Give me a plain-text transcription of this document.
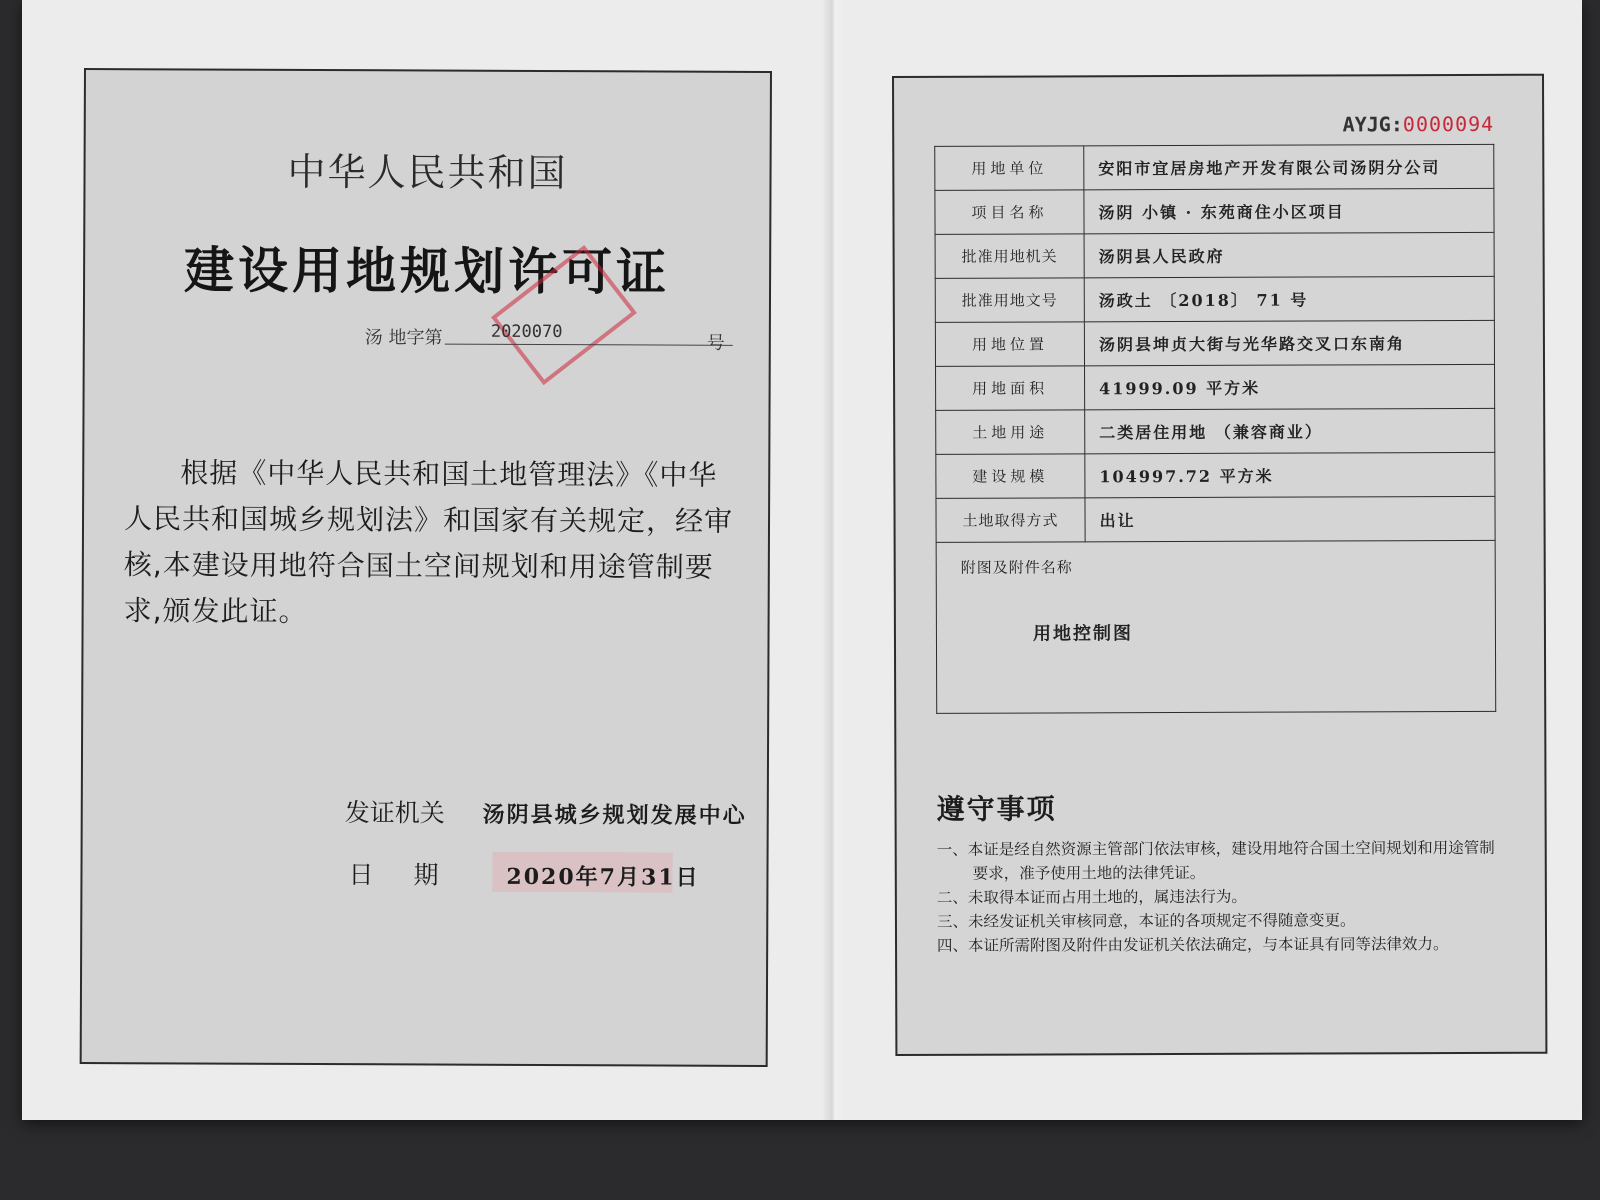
中华人民共和国
建设用地规划许可证
汤 地字第	2020070
号
根据《中华人民共和国土地管理法》《中华人民共和国城乡规划法》和国家有关规定，经审核,本建设用地符合国土空间规划和用途管制要求,颁发此证。
发证机关 汤阴县城乡规划发展中心
日期 2020年7月31日
AYJG:0000094
用地单位	安阳市宜居房地产开发有限公司汤阴分公司
项目名称	汤阴 小镇 · 东苑商住小区项目
批准用地机关	汤阴县人民政府
批准用地文号	汤政土 〔2018〕 71 号
用地位置	汤阴县坤贞大街与光华路交叉口东南角
用地面积	41999.09 平方米
土地用途	二类居住用地 （兼容商业）
建设规模	104997.72 平方米
土地取得方式	出让

附图及附件名称
用地控制图	
遵守事项
一、本证是经自然资源主管部门依法审核，建设用地符合国土空间规划和用途管制要求，准予使用土地的法律凭证。
二、未取得本证而占用土地的，属违法行为。
三、未经发证机关审核同意，本证的各项规定不得随意变更。
四、本证所需附图及附件由发证机关依法确定，与本证具有同等法律效力。
